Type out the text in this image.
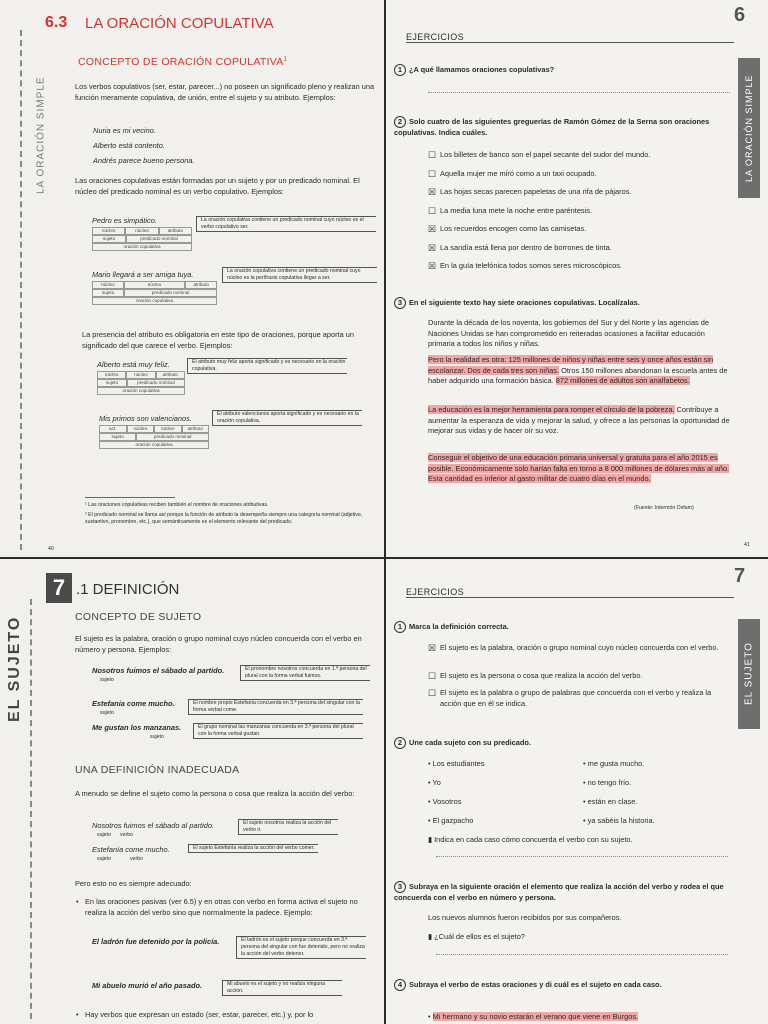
LA ORACIÓN SIMPLE
6.3 LA ORACIÓN COPULATIVA
CONCEPTO DE ORACIÓN COPULATIVA$^1$
Los verbos copulativos (ser, estar, parecer...) no poseen un significado pleno y realizan una función meramente copulativa, de unión, entre el sujeto y su atributo. Ejemplos:
Nuria es mi vecino.
Alberto está contento.
Andrés parece bueno persona.
Las oraciones copulativas están formadas por un sujeto y por un predicado nominal. El núcleo del predicado nominal es un verbo copulativo. Ejemplos:
Pedro es simpático.
núcleo	núcleo	atributo
sujeto	predicado nominal
oración copulativa
La oración copulativa contiene un predicado nominal cuyo núcleo es el verbo copulativo ser.
Mario llegará a ser amiga tuya.
núcleo	núcleo	atributo
sujeto	predicado nominal
oración copulativa
La oración copulativa contiene un predicado nominal cuyo núcleo es la perífrasis copulativa llegar a ser.
La presencia del atributo es obligatoria en este tipo de oraciones, porque aporta un significado del que carece el verbo. Ejemplos:
Alberto está muy feliz.
núcleo	núcleo	atributo
sujeto	predicado nominal
oración copulativa
El atributo muy feliz aporta significado y es necesario en la oración copulativa.
Mis primos son valencianos.
act.	núcleo	núcleo	atributo
sujeto	predicado nominal
oración copulativa
El atributo valencianos aporta significado y es necesario en la oración copulativa.
¹ Las oraciones copulativas reciben también el nombre de oraciones atributivas.
² El predicado nominal se llama así porque la función de atributo la desempeña siempre una categoría nominal (adjetivo, sustantivo, pronombre, etc.), que semánticamente es el elemento relevante del predicado.
40
6
LA ORACIÓN SIMPLE
EJERCICIOS
1 ¿A qué llamamos oraciones copulativas?
2 Solo cuatro de las siguientes greguerías de Ramón Gómez de la Serna son oraciones copulativas. Indica cuáles.
☐ Los billetes de banco son el papel secante del sudor del mundo.
☐ Aquella mujer me miró como a un taxi ocupado.
☒ Las hojas secas parecen papeletas de una rifa de pájaros.
☐ La media luna mete la noche entre paréntesis.
☒ Los recuerdos encogen como las camisetas.
☒ La sandía está llena por dentro de borrones de tinta.
☒ En la guía telefónica todos somos seres microscópicos.
3 En el siguiente texto hay siete oraciones copulativas. Localízalas.
Durante la década de los noventa, los gobiernos del Sur y del Norte y las agencias de Naciones Unidas se han comprometido en reiteradas ocasiones a facilitar educación primaria a todos los niños y niñas.
Pero la realidad es otra: 125 millones de niños y niñas entre seis y once años están sin escolarizar. Dos de cada tres son niñas. Otros 150 millones abandonan la escuela antes de haber adquirido una formación básica. 872 millones de adultos son analfabetos.
La educación es la mejor herramienta para romper el círculo de la pobreza. Contribuye a aumentar la esperanza de vida y mejorar la salud, y ofrece a las personas la oportunidad de mejorar sus vidas y de hacer oír su voz.
Conseguir el objetivo de una educación primaria universal y gratuita para el año 2015 es posible. Económicamente solo harían falta en torno a 8 000 millones de dólares más al año. Esta cantidad es inferior al gasto militar de cuatro días en el mundo.
(Fuente: Intermón Oxfam)
41
7 .1 DEFINICIÓN
EL SUJETO	CONCEPTO DE SUJETO
El sujeto es la palabra, oración o grupo nominal cuyo núcleo concuerda con el verbo en número y persona. Ejemplos:
Nosotros fuimos el sábado al partido.
sujeto
El pronombre nosotros concuerda en 1.ª persona del plural con la forma verbal fuimos.
Estefanía come mucho.
sujeto
El nombre propio Estefanía concuerda en 3.ª persona del singular con la forma verbal come.
Me gustan los manzanas.
sujeto
El grupo nominal las manzanas concuerda en 3.ª persona del plural con la forma verbal gustan.
UNA DEFINICIÓN INADECUADA
A menudo se define el sujeto como la persona o cosa que realiza la acción del verbo:
Nosotros fuimos el sábado al partido.
sujeto verbo
El sujeto nosotros realiza la acción del verbo ir.
Estefanía come mucho.
sujeto	verbo
El sujeto Estefanía realiza la acción del verbo comer.
Pero esto no es siempre adecuado:
• En las oraciones pasivas (ver 6.5) y en otras con verbo en forma activa el sujeto no realiza la acción del verbo sino que normalmente la padece. Ejemplo:
El ladrón fue detenido por la policía.	El ladrón es el sujeto porque concuerda en 3.ª persona del singular con fue detenido, pero no realiza la acción del verbo detener.
Mi abuelo murió el año pasado.	Mi abuelo es el sujeto y no realiza ninguna acción.
• Hay verbos que expresan un estado (ser, estar, parecer, etc.) y, por lo
7
EL SUJETO
EJERCICIOS
1 Marca la definición correcta.
☒ El sujeto es la palabra, oración o grupo nominal cuyo núcleo concuerda con el verbo.
☐ El sujeto es la persona o cosa que realiza la acción del verbo.
☐ El sujeto es la palabra o grupo de palabras que concuerda con el verbo y realiza la acción que en él se indica.
2 Une cada sujeto con su predicado.
• Los estudiantes
• Yo
• Vosotros
• El gazpacho
• me gusta mucho.
• no tengo frío.
• están en clase.
• ya sabéis la historia.
▮ Indica en cada caso cómo concuerda el verbo con su sujeto.
3 Subraya en la siguiente oración el elemento que realiza la acción del verbo y rodea el que concuerda con el verbo en número y persona.
Los nuevos alumnos fueron recibidos por sus compañeros.
▮ ¿Cuál de ellos es el sujeto?
4 Subraya el verbo de estas oraciones y di cuál es el sujeto en cada caso.
• Mi hermano y su novio estarán el verano que viene en Burgos.
